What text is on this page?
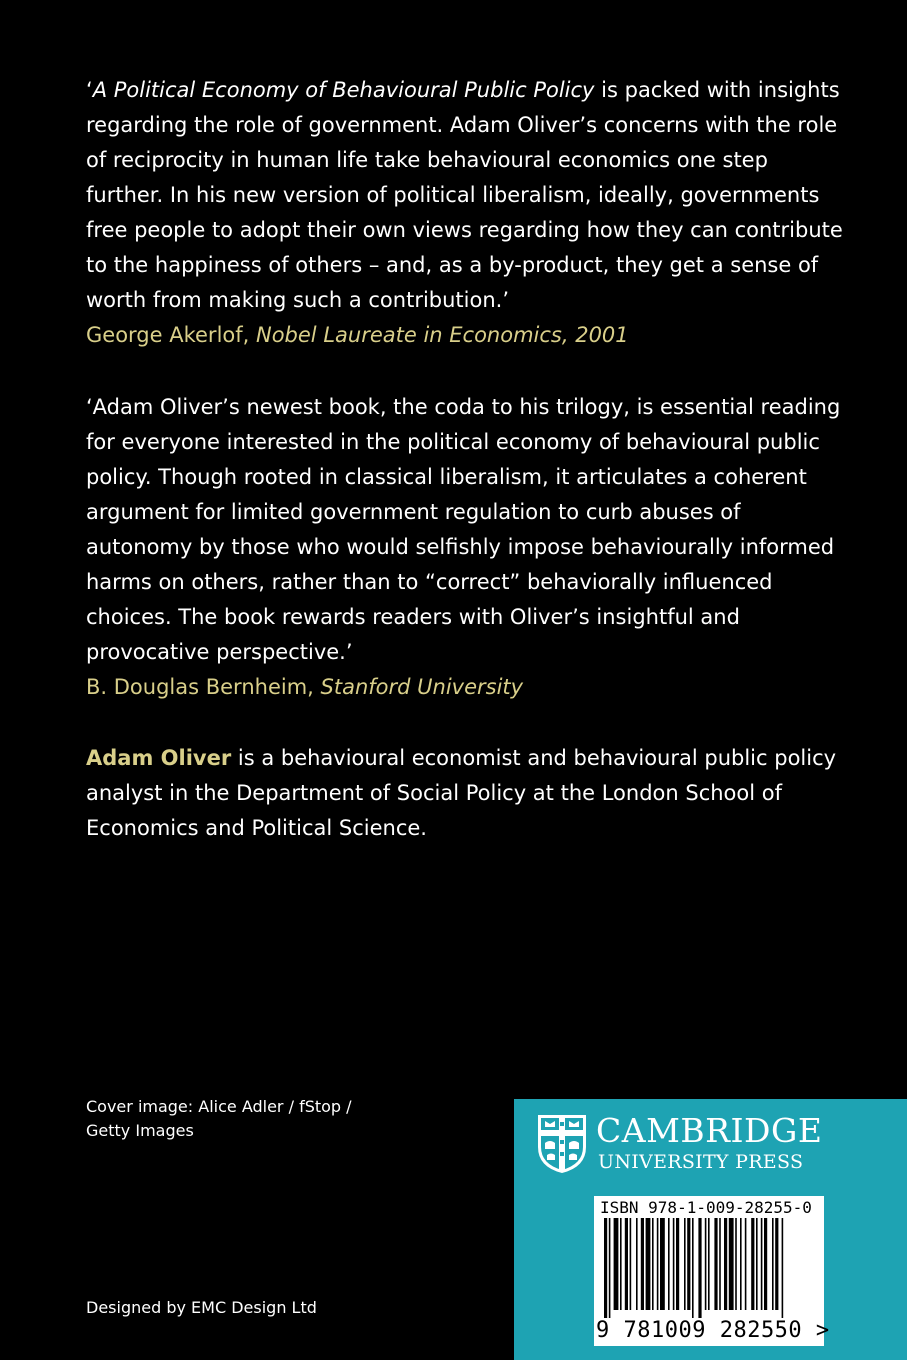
‘A Political Economy of Behavioural Public Policy is packed with insights regarding the role of government. Adam Oliver’s concerns with the role of reciprocity in human life take behavioural economics one step further. In his new version of political liberalism, ideally, governments free people to adopt their own views regarding how they can contribute to the happiness of others – and, as a by-product, they get a sense of worth from making such a contribution.’

George Akerlof, Nobel Laureate in Economics, 2001

‘Adam Oliver’s newest book, the coda to his trilogy, is essential reading for everyone interested in the political economy of behavioural public policy. Though rooted in classical liberalism, it articulates a coherent argument for limited government regulation to curb abuses of autonomy by those who would selfishly impose behaviourally informed harms on others, rather than to “correct” behaviorally influenced choices. The book rewards readers with Oliver’s insightful and provocative perspective.’

B. Douglas Bernheim, Stanford University

Adam Oliver is a behavioural economist and behavioural public policy analyst in the Department of Social Policy at the London School of Economics and Political Science.

Cover image: Alice Adler / fStop / Getty Images
Designed by EMC Design Ltd
CAMBRIDGE
UNIVERSITY PRESS
ISBN 978-1-009-28255-0
9 781009 282550 >
